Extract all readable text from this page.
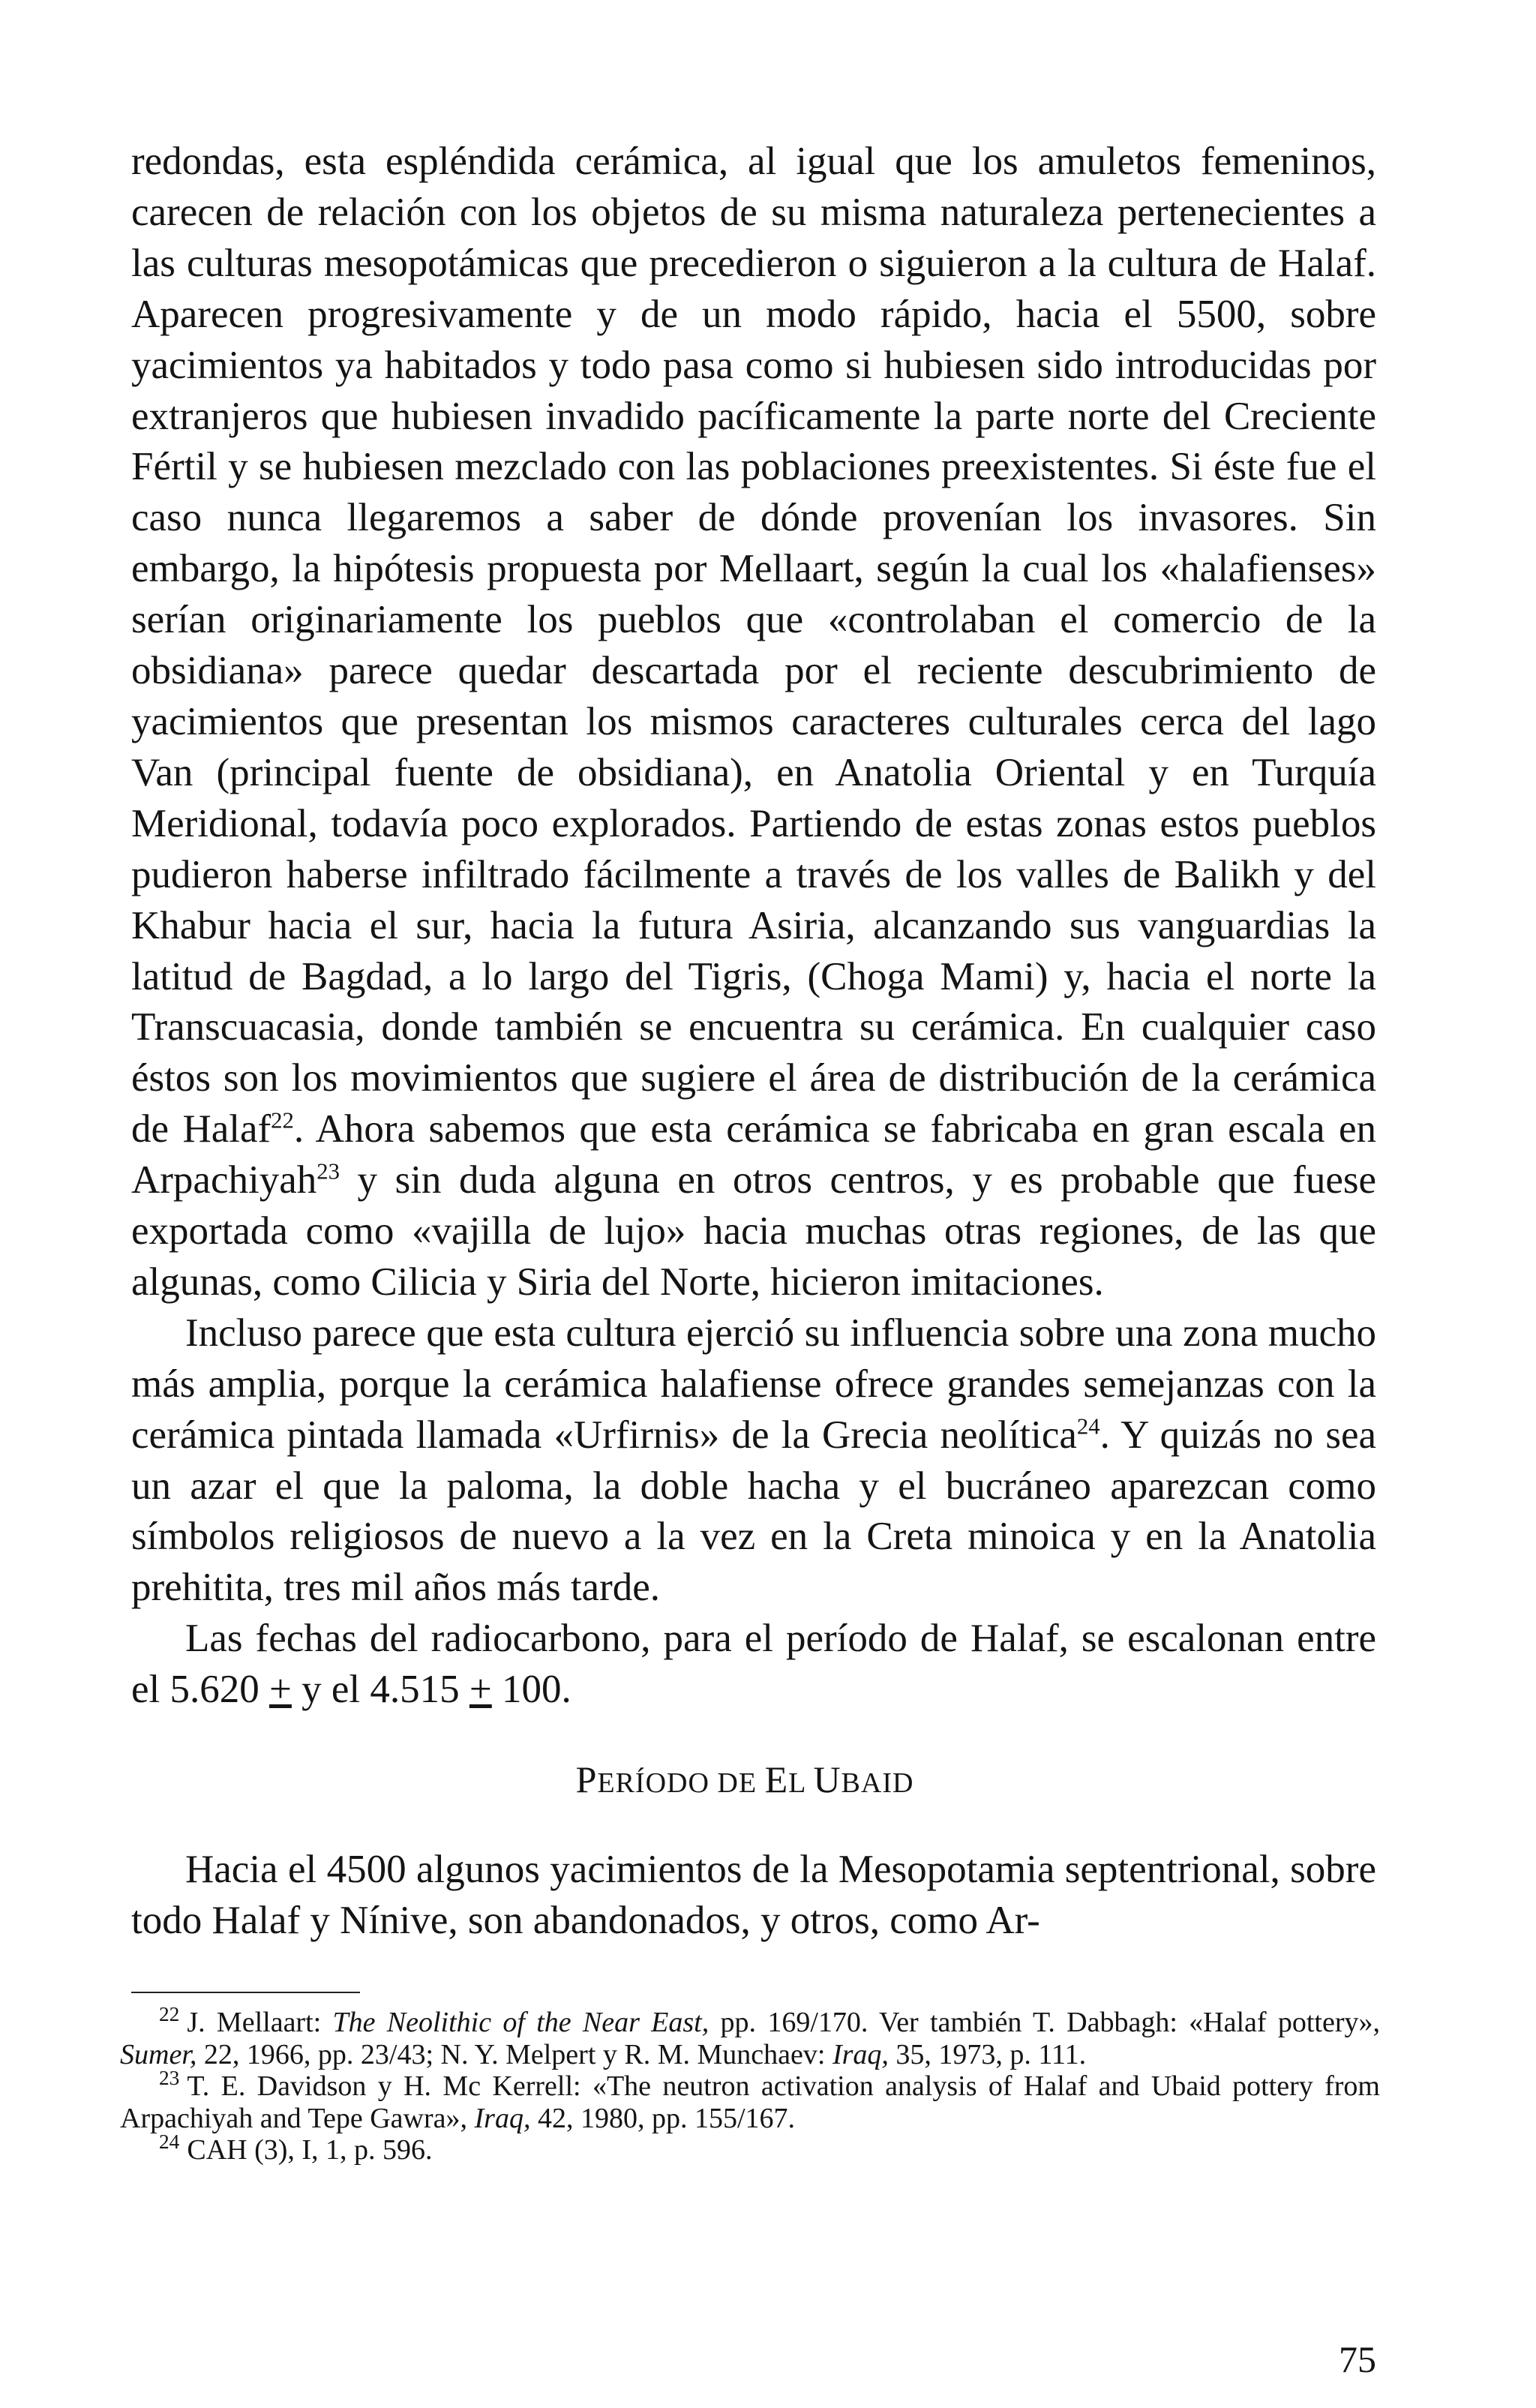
redondas, esta espléndida cerámica, al igual que los amuletos femeninos, carecen de relación con los objetos de su misma naturaleza pertenecientes a las culturas mesopotámicas que precedieron o siguieron a la cultura de Halaf. Aparecen progresivamente y de un modo rápido, hacia el 5500, sobre yacimientos ya habitados y todo pasa como si hubiesen sido introducidas por extranjeros que hubiesen invadido pacíficamente la parte norte del Creciente Fértil y se hubiesen mezclado con las poblaciones preexistentes. Si éste fue el caso nunca llegaremos a saber de dónde provenían los invasores. Sin embargo, la hipótesis propuesta por Mellaart, según la cual los «halafienses» serían originariamente los pueblos que «controlaban el comercio de la obsidiana» parece quedar descartada por el reciente descubrimiento de yacimientos que presentan los mismos caracteres culturales cerca del lago Van (principal fuente de obsidiana), en Anatolia Oriental y en Turquía Meridional, todavía poco explorados. Partiendo de estas zonas estos pueblos pudieron haberse infiltrado fácilmente a través de los valles de Balikh y del Khabur hacia el sur, hacia la futura Asiria, alcanzando sus vanguardias la latitud de Bagdad, a lo largo del Tigris, (Choga Mami) y, hacia el norte la Transcuacasia, donde también se encuentra su cerámica. En cualquier caso éstos son los movimientos que sugiere el área de distribución de la cerámica de Halaf$^{22}$. Ahora sabemos que esta cerámica se fabricaba en gran escala en Arpachiyah$^{23}$ y sin duda alguna en otros centros, y es probable que fuese exportada como «vajilla de lujo» hacia muchas otras regiones, de las que algunas, como Cilicia y Siria del Norte, hicieron imitaciones.

Incluso parece que esta cultura ejerció su influencia sobre una zona mucho más amplia, porque la cerámica halafiense ofrece grandes semejanzas con la cerámica pintada llamada «Urfirnis» de la Grecia neolítica$^{24}$. Y quizás no sea un azar el que la paloma, la doble hacha y el bucráneo aparezcan como símbolos religiosos de nuevo a la vez en la Creta minoica y en la Anatolia prehitita, tres mil años más tarde.

Las fechas del radiocarbono, para el período de Halaf, se escalonan entre el 5.620 + y el 4.515 + 100.

PERÍODO DE EL UBAID

Hacia el 4500 algunos yacimientos de la Mesopotamia septentrional, sobre todo Halaf y Nínive, son abandonados, y otros, como Ar-

$^{22}$ J. Mellaart: The Neolithic of the Near East, pp. 169/170. Ver también T. Dabbagh: «Halaf pottery», Sumer, 22, 1966, pp. 23/43; N. Y. Melpert y R. M. Munchaev: Iraq, 35, 1973, p. 111.

$^{23}$ T. E. Davidson y H. Mc Kerrell: «The neutron activation analysis of Halaf and Ubaid pottery from Arpachiyah and Tepe Gawra», Iraq, 42, 1980, pp. 155/167.

$^{24}$ CAH (3), I, 1, p. 596.

75
